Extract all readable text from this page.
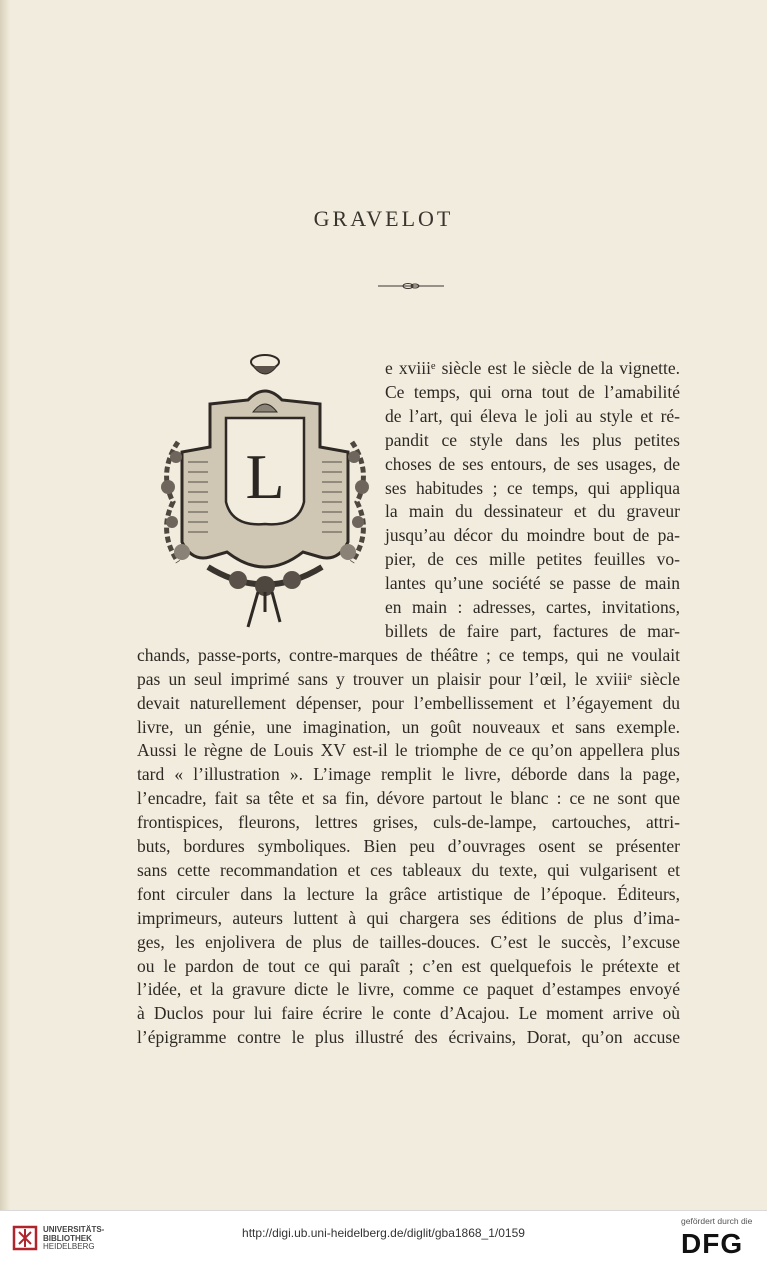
GRAVELOT
L
e xviiiᵉ siècle est le siècle de la vignette.
Ce temps, qui orna tout de l’amabilité
de l’art, qui éleva le joli au style et ré-
pandit ce style dans les plus petites
choses de ses entours, de ses usages, de
ses habitudes ; ce temps, qui appliqua
la main du dessinateur et du graveur
jusqu’au décor du moindre bout de pa-
pier, de ces mille petites feuilles vo-
lantes qu’une société se passe de main
en main : adresses, cartes, invitations,
billets de faire part, factures de mar-
chands, passe-ports, contre-marques de théâtre ; ce temps, qui ne voulait
pas un seul imprimé sans y trouver un plaisir pour l’œil, le xviiiᵉ siècle
devait naturellement dépenser, pour l’embellissement et l’égayement du
livre, un génie, une imagination, un goût nouveaux et sans exemple.
Aussi le règne de Louis XV est-il le triomphe de ce qu’on appellera plus
tard « l’illustration ». L’image remplit le livre, déborde dans la page,
l’encadre, fait sa tête et sa fin, dévore partout le blanc : ce ne sont que
frontispices, fleurons, lettres grises, culs-de-lampe, cartouches, attri-
buts, bordures symboliques. Bien peu d’ouvrages osent se présenter
sans cette recommandation et ces tableaux du texte, qui vulgarisent et
font circuler dans la lecture la grâce artistique de l’époque. Éditeurs,
imprimeurs, auteurs luttent à qui chargera ses éditions de plus d’ima-
ges, les enjolivera de plus de tailles-douces. C’est le succès, l’excuse
ou le pardon de tout ce qui paraît ; c’en est quelquefois le prétexte et
l’idée, et la gravure dicte le livre, comme ce paquet d’estampes envoyé
à Duclos pour lui faire écrire le conte d’Acajou. Le moment arrive où
l’épigramme contre le plus illustré des écrivains, Dorat, qu’on accuse
UNIVERSITÄTS-
BIBLIOTHEK
HEIDELBERG
http://digi.ub.uni-heidelberg.de/diglit/gba1868_1/0159
gefördert durch die
DFG
